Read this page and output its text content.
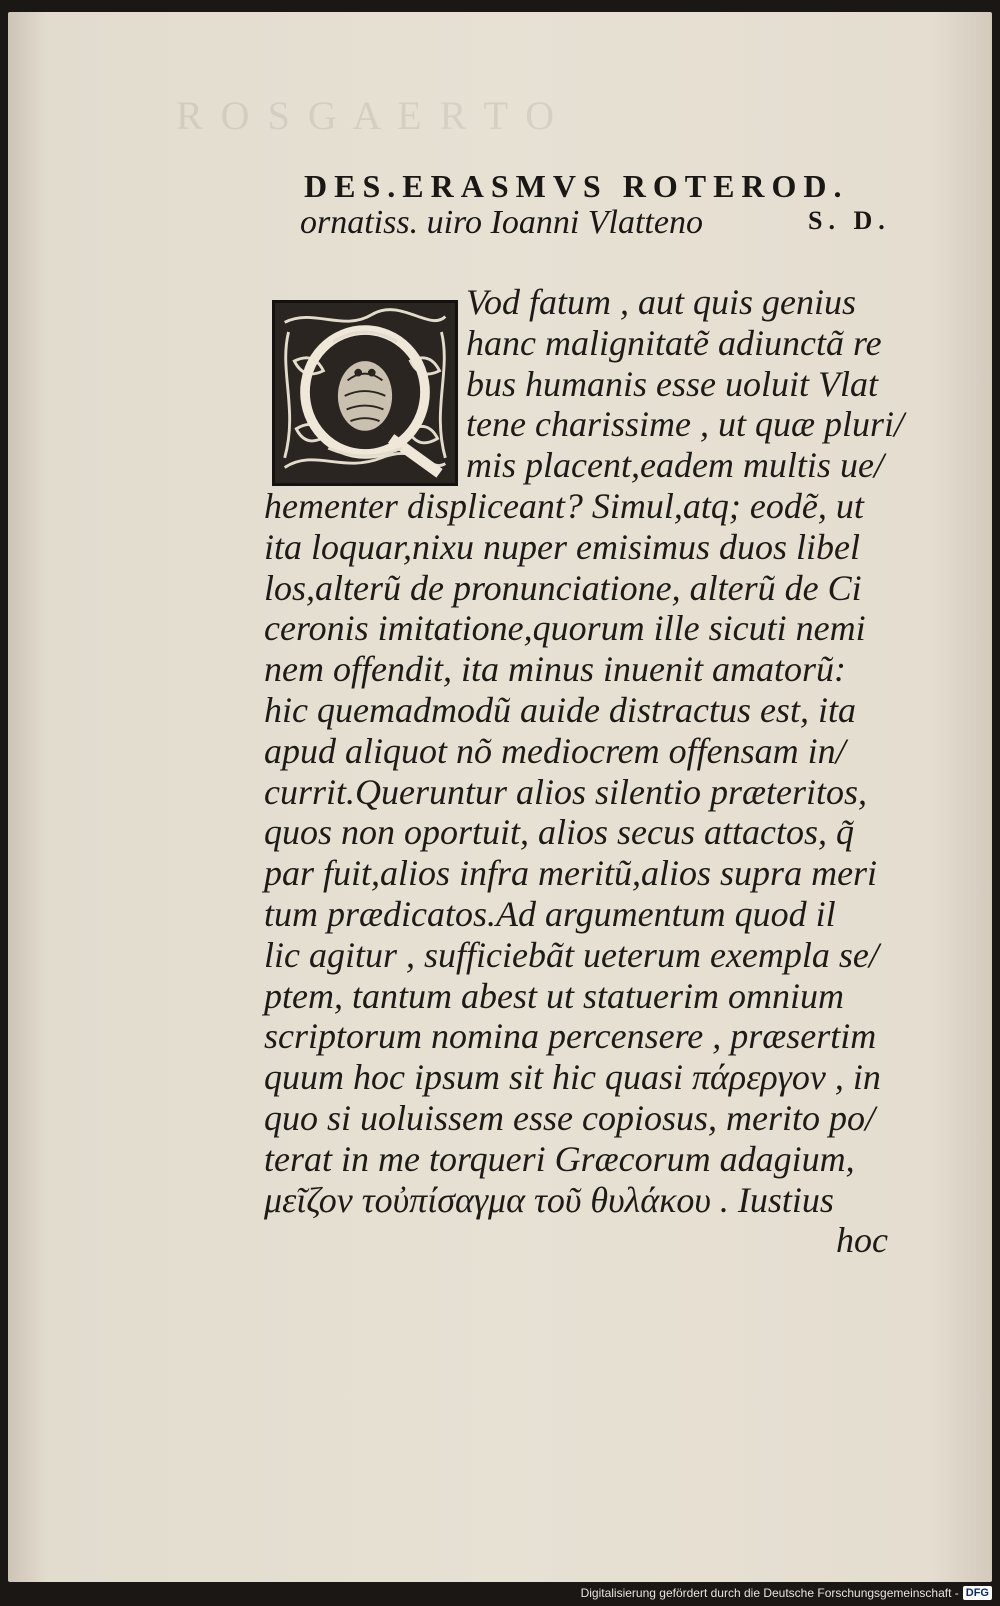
R O S G A E R T O
DES.ERASMVS ROTEROD.
ornatiss. uiro Ioanni Vlatteno	S. D.
Vod fatum , aut quis genius
hanc malignitatẽ adiunctã re
bus humanis esse uoluit Vlat
tene charissime , ut quæ pluri/
mis placent,eadem multis ue/
hementer displiceant? Simul,atq; eodẽ, ut
ita loquar,nixu nuper emisimus duos libel
los,alterũ de pronunciatione, alterũ de Ci
ceronis imitatione,quorum ille sicuti nemi
nem offendit, ita minus inuenit amatorũ:
hic quemadmodũ auide distractus est, ita
apud aliquot nõ mediocrem offensam in/
currit.Queruntur alios silentio præteritos,
quos non oportuit, alios secus attactos, q̃
par fuit,alios infra meritũ,alios supra meri
tum prædicatos.Ad argumentum quod il
lic agitur , sufficiebãt ueterum exempla se/
ptem, tantum abest ut statuerim omnium
scriptorum nomina percensere , præsertim
quum hoc ipsum sit hic quasi πάρεργον , in
quo si uoluissem esse copiosus, merito po/
terat in me torqueri Græcorum adagium,
μεῖζον τοὐπίσαγμα τοῦ θυλάκου . Iustius
hoc
Digitalisierung gefördert durch die Deutsche Forschungsgemeinschaft - DFG
